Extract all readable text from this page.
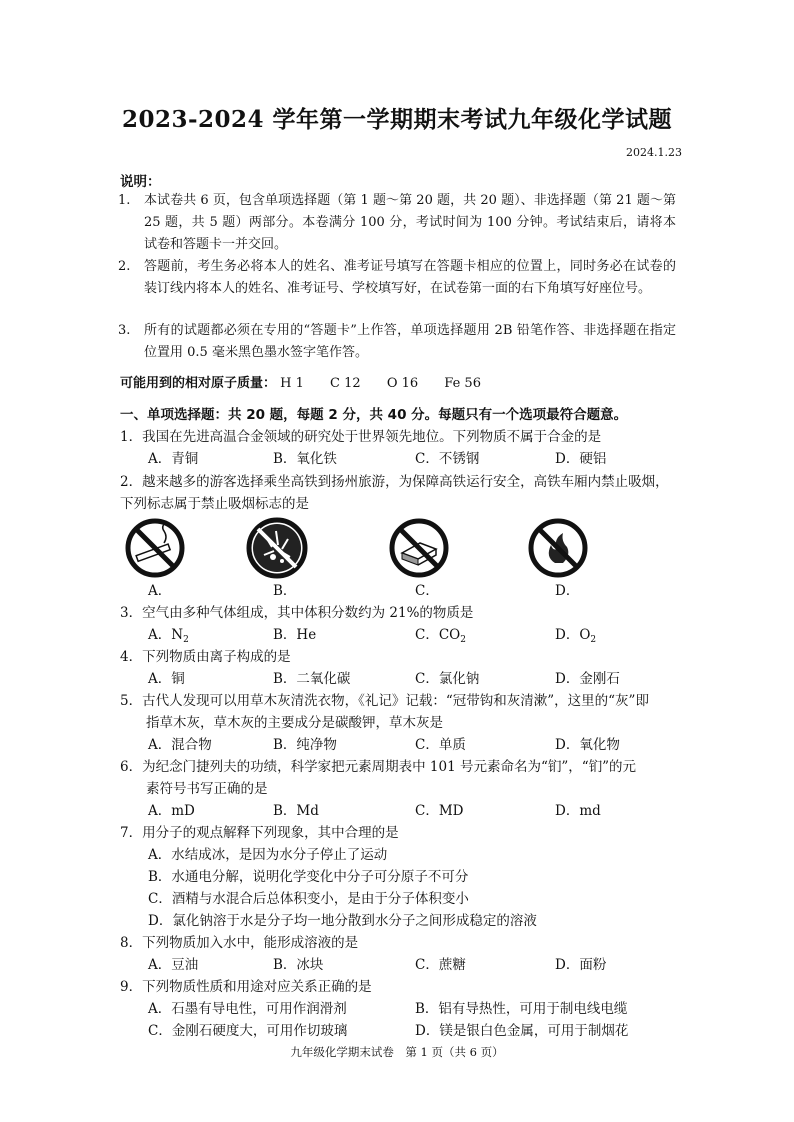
2023-2024 学年第一学期期末考试九年级化学试题
2024.1.23
说明：
1.	本试卷共 6 页，包含单项选择题（第 1 题～第 20 题，共 20 题）、非选择题（第 21 题～第 25 题，共 5 题）两部分。本卷满分 100 分，考试时间为 100 分钟。考试结束后，请将本试卷和答题卡一并交回。
2.	答题前，考生务必将本人的姓名、准考证号填写在答题卡相应的位置上，同时务必在试卷的装订线内将本人的姓名、准考证号、学校填写好，在试卷第一面的右下角填写好座位号。
3.	所有的试题都必须在专用的“答题卡”上作答，单项选择题用 2B 铅笔作答、非选择题在指定位置用 0.5 毫米黑色墨水签字笔作答。
可能用到的相对原子质量： H 1 C 12 O 16 Fe 56
一、单项选择题：共 20 题，每题 2 分，共 40 分。每题只有一个选项最符合题意。
1．我国在先进高温合金领域的研究处于世界领先地位。下列物质不属于合金的是
A．青铜	B．氧化铁	C．不锈钢	D．硬铝
2．越来越多的游客选择乘坐高铁到扬州旅游，为保障高铁运行安全，高铁车厢内禁止吸烟，
下列标志属于禁止吸烟标志的是
A．	B．	C．	D．
3．空气由多种气体组成，其中体积分数约为 21%的物质是
A．$N_2$	B．He	C．$CO_2$	D．$O_2$
4．下列物质由离子构成的是
A．铜	B．二氧化碳	C．氯化钠	D．金刚石
5．古代人发现可以用草木灰清洗衣物，《礼记》记载：“冠带钩和灰清漱”，这里的“灰”即
指草木灰，草木灰的主要成分是碳酸钾，草木灰是
A．混合物	B．纯净物	C．单质	D．氧化物
6．为纪念门捷列夫的功绩，科学家把元素周期表中 101 号元素命名为“钔”，“钔”的元
素符号书写正确的是
A．mD	B．Md	C．MD	D．md
7．用分子的观点解释下列现象，其中合理的是
A．水结成冰，是因为水分子停止了运动
B．水通电分解，说明化学变化中分子可分原子不可分
C．酒精与水混合后总体积变小，是由于分子体积变小
D．氯化钠溶于水是分子均一地分散到水分子之间形成稳定的溶液
8．下列物质加入水中，能形成溶液的是
A．豆油	B．冰块	C．蔗糖	D．面粉
9．下列物质性质和用途对应关系正确的是
A．石墨有导电性，可用作润滑剂	B．铝有导热性，可用于制电线电缆
C．金刚石硬度大，可用作切玻璃	D．镁是银白色金属，可用于制烟花
九年级化学期末试卷　第 1 页（共 6 页）
